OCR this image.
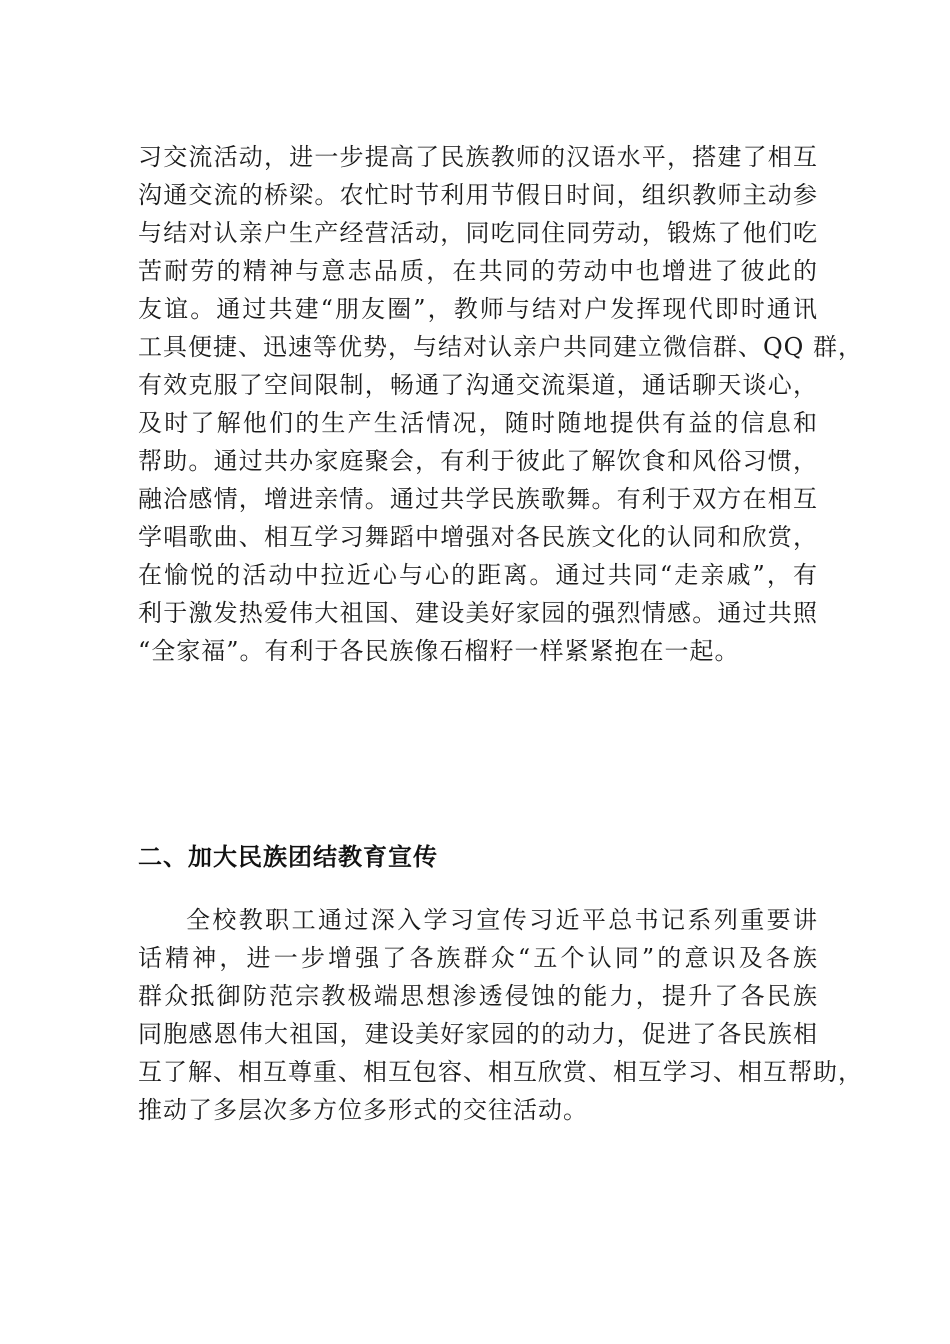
习交流活动，进一步提高了民族教师的汉语水平，搭建了相互
沟通交流的桥梁。农忙时节利用节假日时间，组织教师主动参
与结对认亲户生产经营活动，同吃同住同劳动，锻炼了他们吃
苦耐劳的精神与意志品质，在共同的劳动中也增进了彼此的
友谊。通过共建“朋友圈”，教师与结对户发挥现代即时通讯
工具便捷、迅速等优势，与结对认亲户共同建立微信群、QQ 群，
有效克服了空间限制，畅通了沟通交流渠道，通话聊天谈心，
及时了解他们的生产生活情况，随时随地提供有益的信息和
帮助。通过共办家庭聚会，有利于彼此了解饮食和风俗习惯，
融洽感情，增进亲情。通过共学民族歌舞。有利于双方在相互
学唱歌曲、相互学习舞蹈中增强对各民族文化的认同和欣赏，
在愉悦的活动中拉近心与心的距离。通过共同“走亲戚”，有
利于激发热爱伟大祖国、建设美好家园的强烈情感。通过共照
“全家福”。有利于各民族像石榴籽一样紧紧抱在一起。
二、加大民族团结教育宣传
全校教职工通过深入学习宣传习近平总书记系列重要讲
话精神，进一步增强了各族群众“五个认同”的意识及各族
群众抵御防范宗教极端思想渗透侵蚀的能力，提升了各民族
同胞感恩伟大祖国，建设美好家园的的动力，促进了各民族相
互了解、相互尊重、相互包容、相互欣赏、相互学习、相互帮助，
推动了多层次多方位多形式的交往活动。
